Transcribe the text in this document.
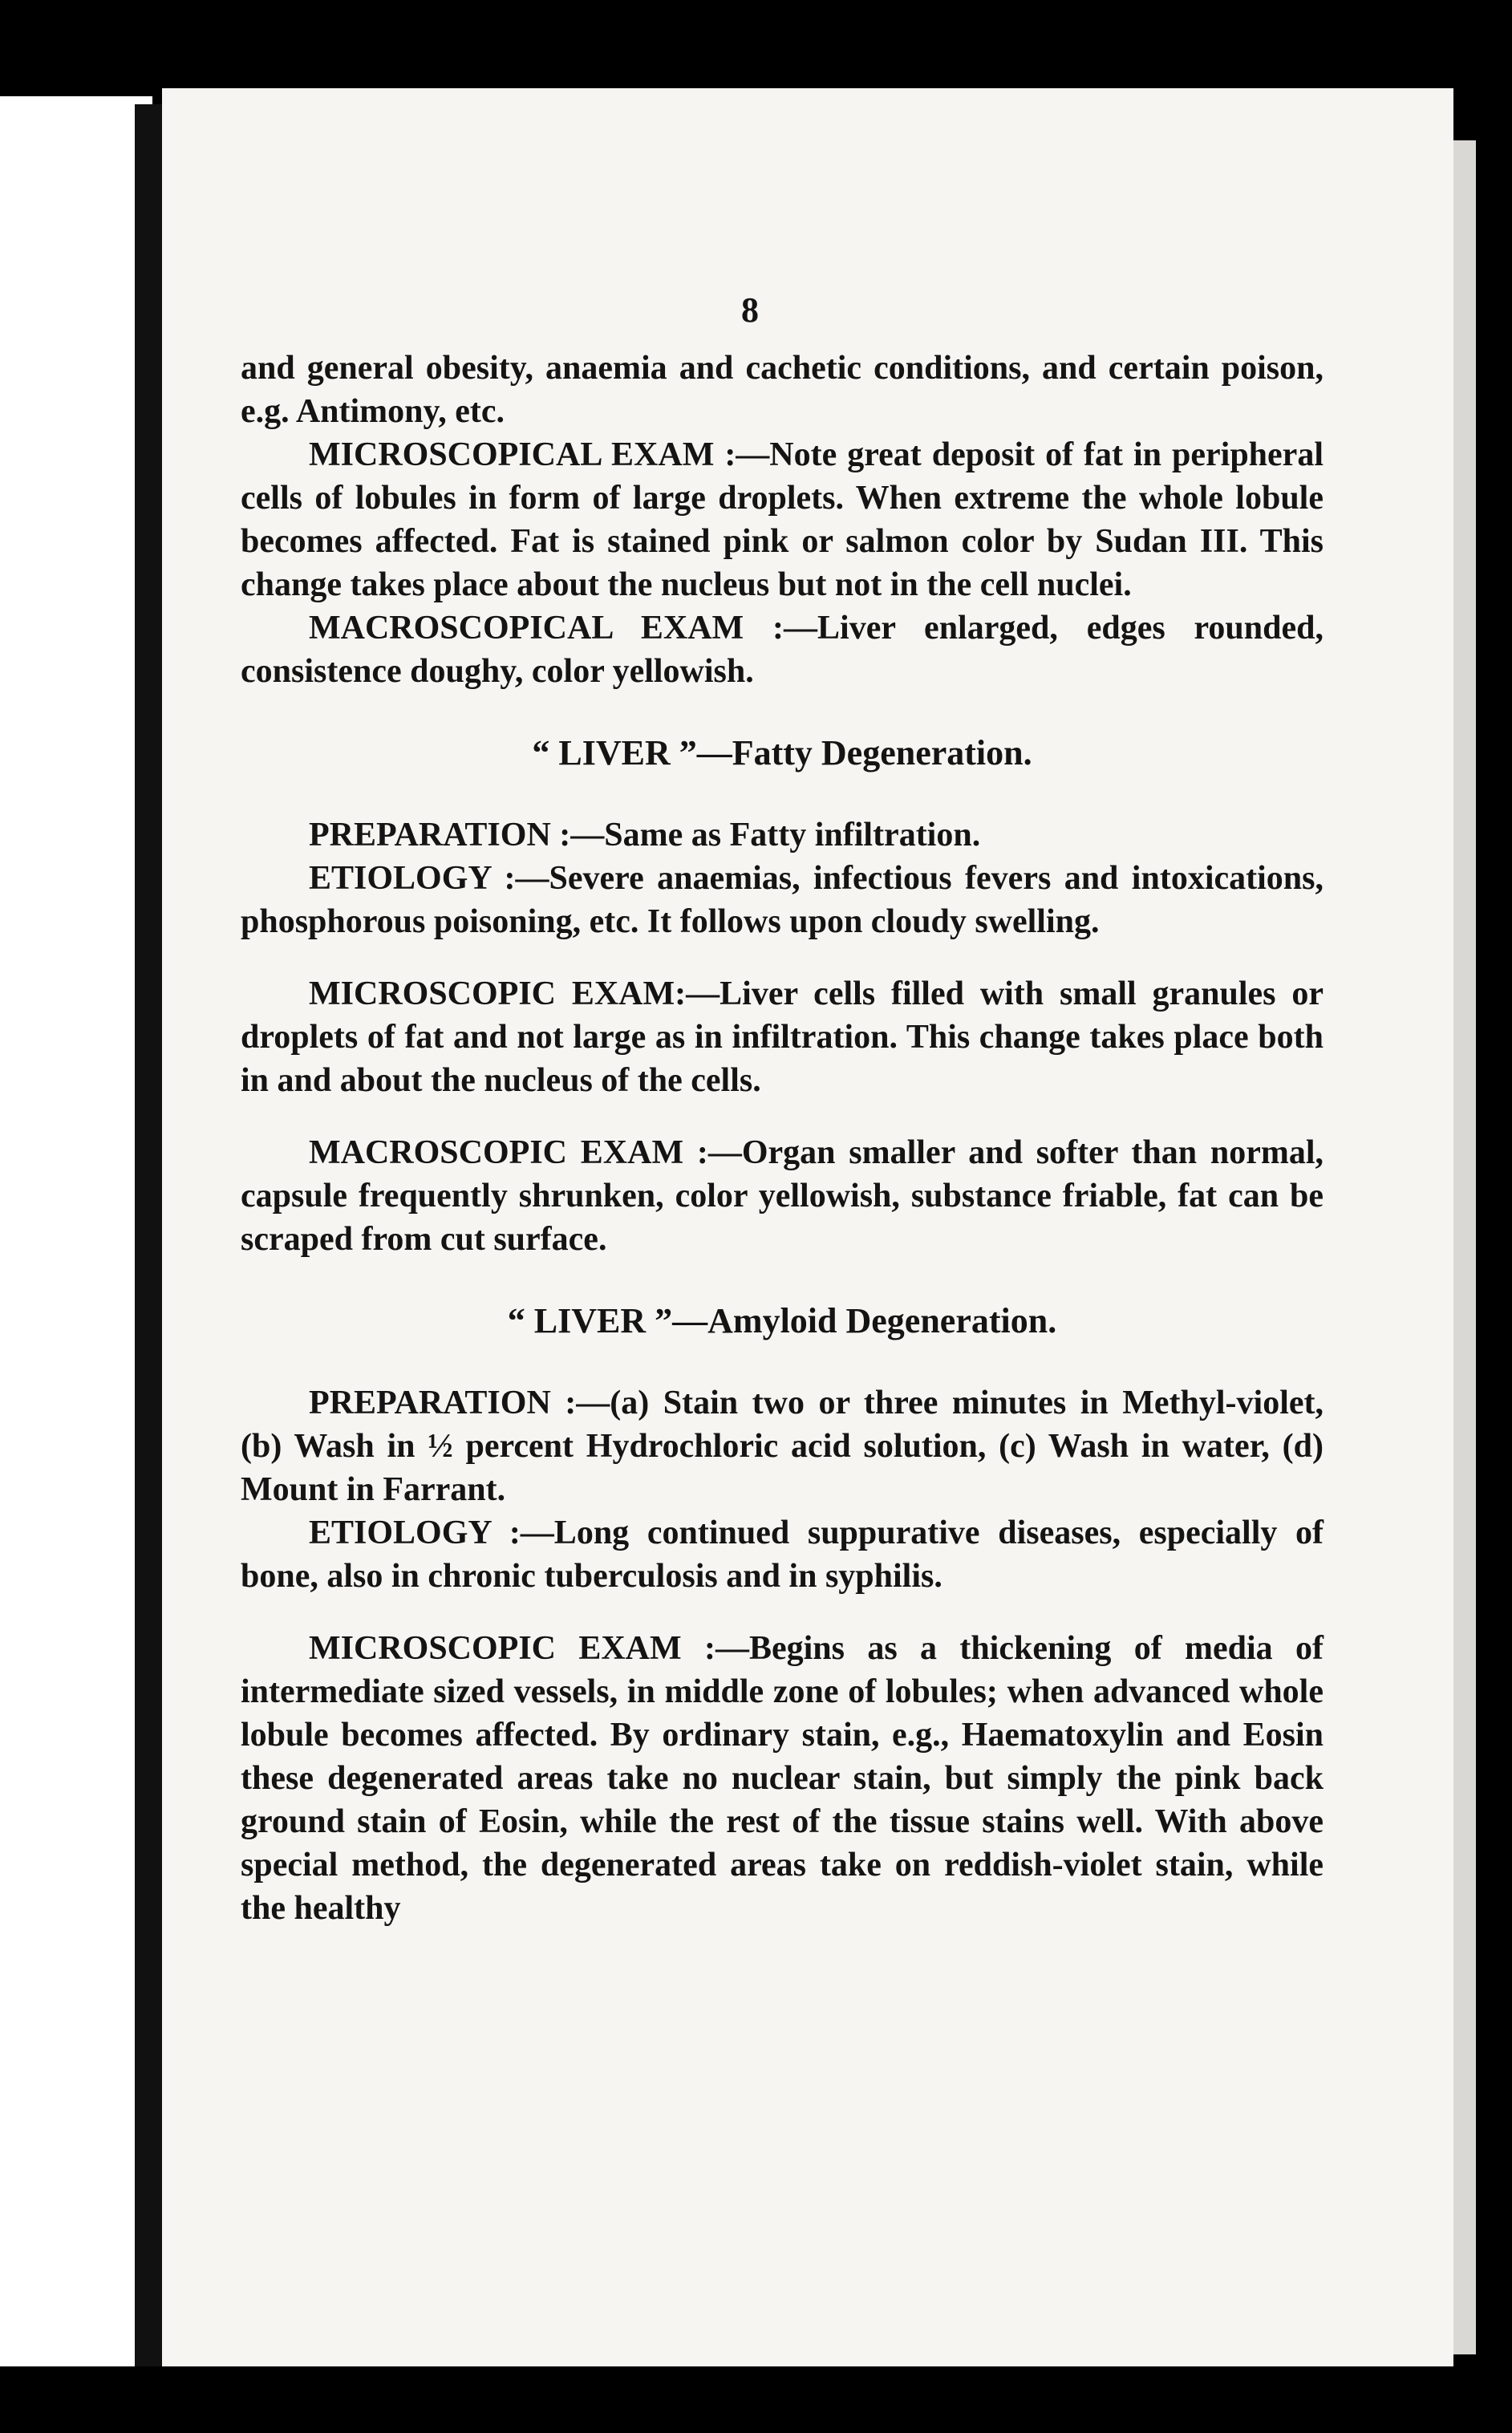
8

and general obesity, anaemia and cachetic conditions, and certain poison, e.g. Antimony, etc.

MICROSCOPICAL EXAM :—Note great deposit of fat in peripheral cells of lobules in form of large droplets. When extreme the whole lobule becomes affected. Fat is stained pink or salmon color by Sudan III. This change takes place about the nucleus but not in the cell nuclei.

MACROSCOPICAL EXAM :—Liver enlarged, edges rounded, consistence doughy, color yellowish.

“ LIVER ”—Fatty Degeneration.

PREPARATION :—Same as Fatty infiltration.

ETIOLOGY :—Severe anaemias, infectious fevers and intoxications, phosphorous poisoning, etc. It follows upon cloudy swelling.

MICROSCOPIC EXAM:—Liver cells filled with small granules or droplets of fat and not large as in infiltration. This change takes place both in and about the nucleus of the cells.

MACROSCOPIC EXAM :—Organ smaller and softer than normal, capsule frequently shrunken, color yellowish, substance friable, fat can be scraped from cut surface.

“ LIVER ”—Amyloid Degeneration.

PREPARATION :—(a) Stain two or three minutes in Methyl-violet, (b) Wash in ½ percent Hydrochloric acid solution, (c) Wash in water, (d) Mount in Farrant.

ETIOLOGY :—Long continued suppurative diseases, especially of bone, also in chronic tuberculosis and in syphilis.

MICROSCOPIC EXAM :—Begins as a thickening of media of intermediate sized vessels, in middle zone of lobules; when advanced whole lobule becomes affected. By ordinary stain, e.g., Haematoxylin and Eosin these degenerated areas take no nuclear stain, but simply the pink back ground stain of Eosin, while the rest of the tissue stains well. With above special method, the degenerated areas take on reddish-violet stain, while the healthy
